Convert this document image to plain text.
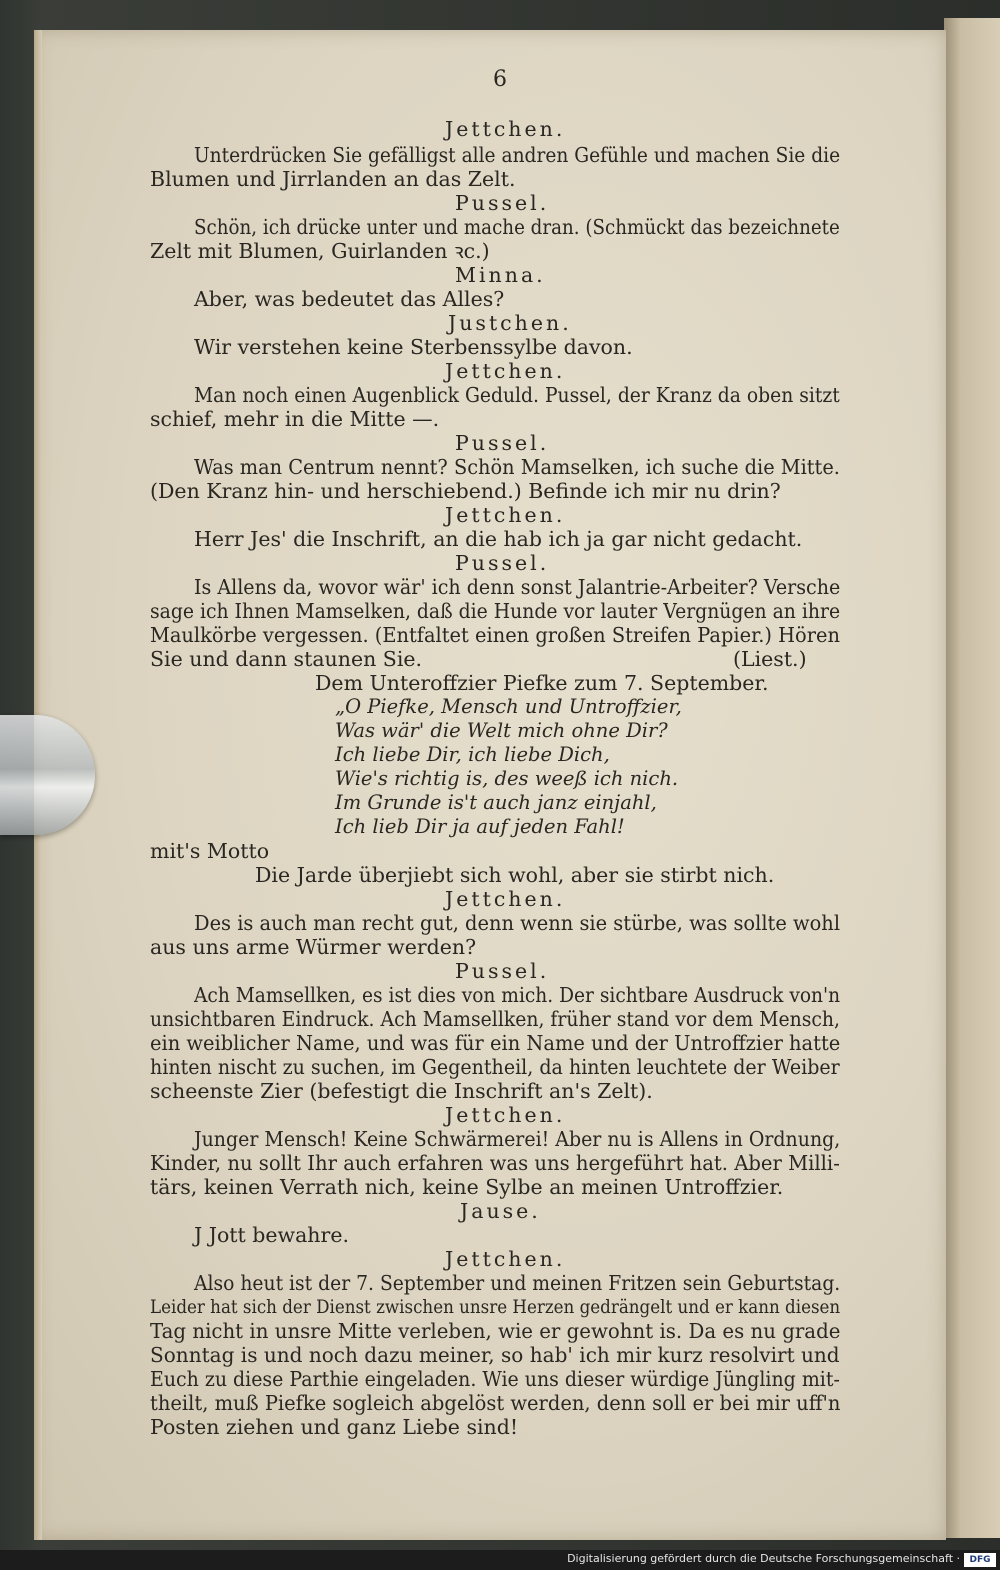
6
Jettchen.
Unterdrücken Sie gefälligst alle andren Gefühle und machen Sie die
Blumen und Jirrlanden an das Zelt.
Pussel.
Schön, ich drücke unter und mache dran. (Schmückt das bezeichnete
Zelt mit Blumen, Guirlanden ꝛc.)
Minna.
Aber, was bedeutet das Alles?
Justchen.
Wir verstehen keine Sterbenssylbe davon.
Jettchen.
Man noch einen Augenblick Geduld. Pussel, der Kranz da oben sitzt
schief, mehr in die Mitte —.
Pussel.
Was man Centrum nennt? Schön Mamselken, ich suche die Mitte.
(Den Kranz hin- und herschiebend.) Befinde ich mir nu drin?
Jettchen.
Herr Jes' die Inschrift, an die hab ich ja gar nicht gedacht.
Pussel.
Is Allens da, wovor wär' ich denn sonst Jalantrie-Arbeiter? Versche
sage ich Ihnen Mamselken, daß die Hunde vor lauter Vergnügen an ihre
Maulkörbe vergessen. (Entfaltet einen großen Streifen Papier.) Hören
Sie und dann staunen Sie.	(Liest.)
Dem Unteroffzier Piefke zum 7. September.
„O Piefke, Mensch und Untroffzier,
Was wär' die Welt mich ohne Dir?
Ich liebe Dir, ich liebe Dich,
Wie's richtig is, des weeß ich nich.
Im Grunde is't auch janz einjahl,
Ich lieb Dir ja auf jeden Fahl!
mit's Motto
Die Jarde überjiebt sich wohl, aber sie stirbt nich.
Jettchen.
Des is auch man recht gut, denn wenn sie stürbe, was sollte wohl
aus uns arme Würmer werden?
Pussel.
Ach Mamsellken, es ist dies von mich. Der sichtbare Ausdruck von'n
unsichtbaren Eindruck. Ach Mamsellken, früher stand vor dem Mensch,
ein weiblicher Name, und was für ein Name und der Untroffzier hatte
hinten nischt zu suchen, im Gegentheil, da hinten leuchtete der Weiber
scheenste Zier (befestigt die Inschrift an's Zelt).
Jettchen.
Junger Mensch! Keine Schwärmerei! Aber nu is Allens in Ordnung,
Kinder, nu sollt Ihr auch erfahren was uns hergeführt hat. Aber Milli-
tärs, keinen Verrath nich, keine Sylbe an meinen Untroffzier.
Jause.
J Jott bewahre.
Jettchen.
Also heut ist der 7. September und meinen Fritzen sein Geburtstag.
Leider hat sich der Dienst zwischen unsre Herzen gedrängelt und er kann diesen
Tag nicht in unsre Mitte verleben, wie er gewohnt is. Da es nu grade
Sonntag is und noch dazu meiner, so hab' ich mir kurz resolvirt und
Euch zu diese Parthie eingeladen. Wie uns dieser würdige Jüngling mit-
theilt, muß Piefke sogleich abgelöst werden, denn soll er bei mir uff'n
Posten ziehen und ganz Liebe sind!
Digitalisierung gefördert durch die Deutsche Forschungsgemeinschaft ·	DFG
